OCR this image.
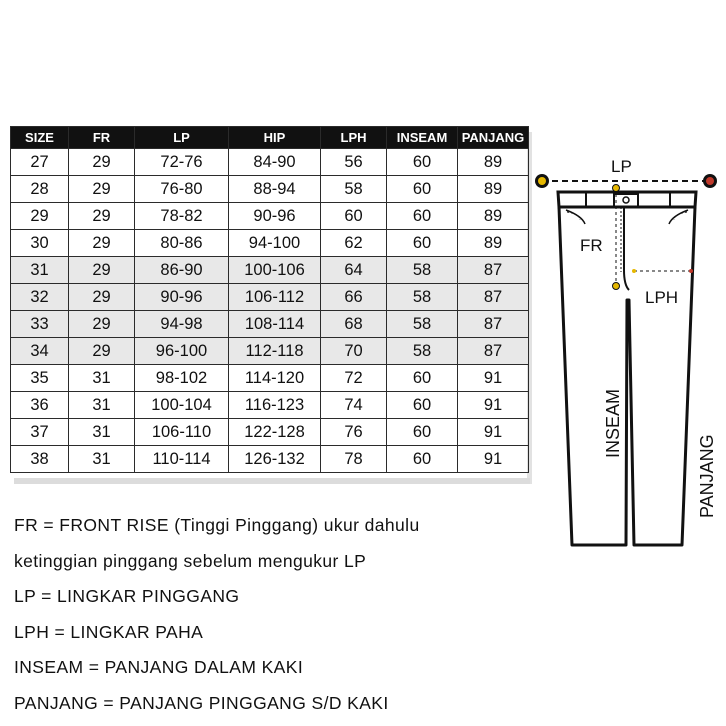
SIZE	FR	LP	HIP	LPH	INSEAM	PANJANG
27	29	72-76	84-90	56	60	89
28	29	76-80	88-94	58	60	89
29	29	78-82	90-96	60	60	89
30	29	80-86	94-100	62	60	89
31	29	86-90	100-106	64	58	87
32	29	90-96	106-112	66	58	87
33	29	94-98	108-114	68	58	87
34	29	96-100	112-118	70	58	87
35	31	98-102	114-120	72	60	91
36	31	100-104	116-123	74	60	91
37	31	106-110	122-128	76	60	91
38	31	110-114	126-132	78	60	91
FR = FRONT RISE (Tinggi Pinggang) ukur dahulu
ketinggian pinggang sebelum mengukur LP
LP = LINGKAR PINGGANG
LPH = LINGKAR PAHA
INSEAM = PANJANG DALAM KAKI
PANJANG = PANJANG PINGGANG S/D KAKI
LP
FR
LPH
INSEAM
PANJANG
